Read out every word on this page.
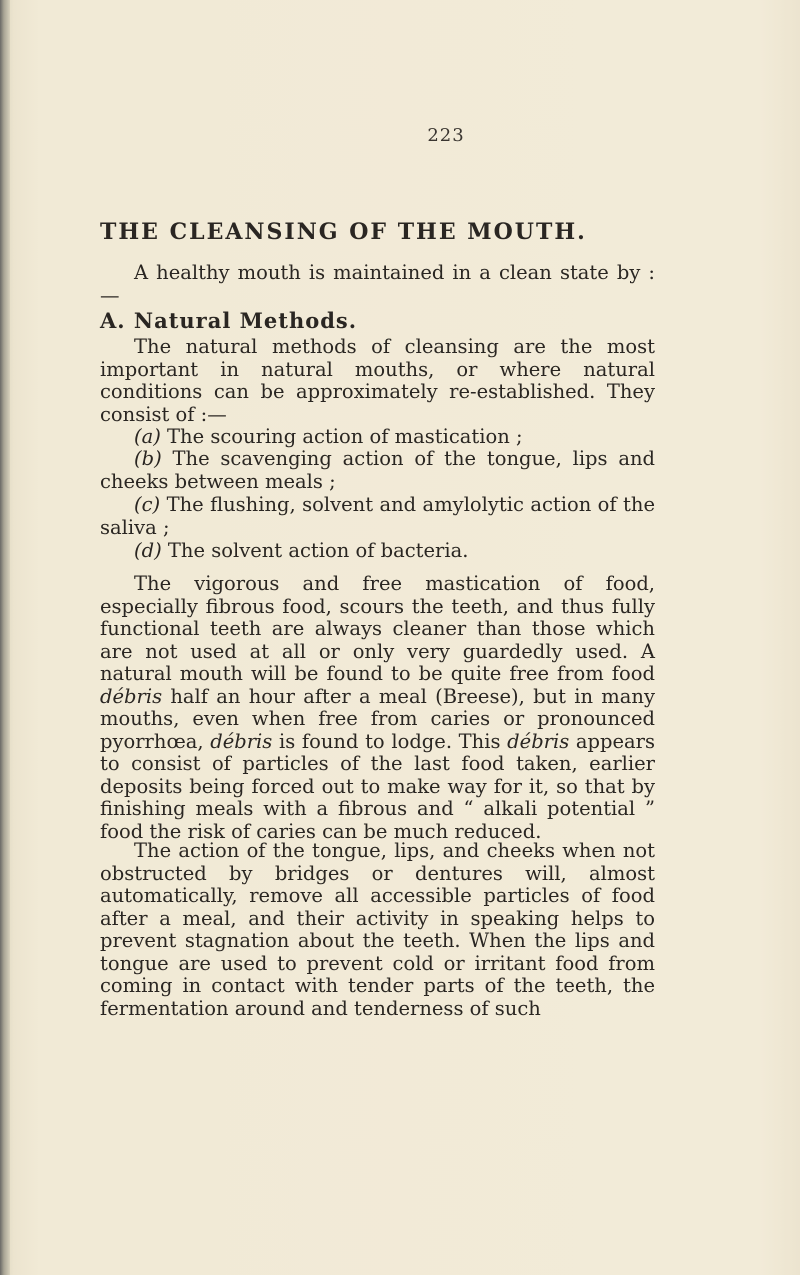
223
THE CLEANSING OF THE MOUTH.
A healthy mouth is maintained in a clean state by :—
A. Natural Methods.
The natural methods of cleansing are the most important in natural mouths, or where natural conditions can be approximately re-established. They consist of :—
(a) The scouring action of mastication ;
(b) The scavenging action of the tongue, lips and cheeks between meals ;
(c) The flushing, solvent and amylolytic action of the saliva ;
(d) The solvent action of bacteria.
The vigorous and free mastication of food, especially fibrous food, scours the teeth, and thus fully functional teeth are always cleaner than those which are not used at all or only very guardedly used. A natural mouth will be found to be quite free from food débris half an hour after a meal (Breese), but in many mouths, even when free from caries or pronounced pyorrhœa, débris is found to lodge. This débris appears to consist of particles of the last food taken, earlier deposits being forced out to make way for it, so that by finishing meals with a fibrous and “ alkali potential ” food the risk of caries can be much reduced.
The action of the tongue, lips, and cheeks when not obstructed by bridges or dentures will, almost automatically, remove all accessible particles of food after a meal, and their activity in speaking helps to prevent stagnation about the teeth. When the lips and tongue are used to prevent cold or irritant food from coming in contact with tender parts of the teeth, the fermentation around and tenderness of such
